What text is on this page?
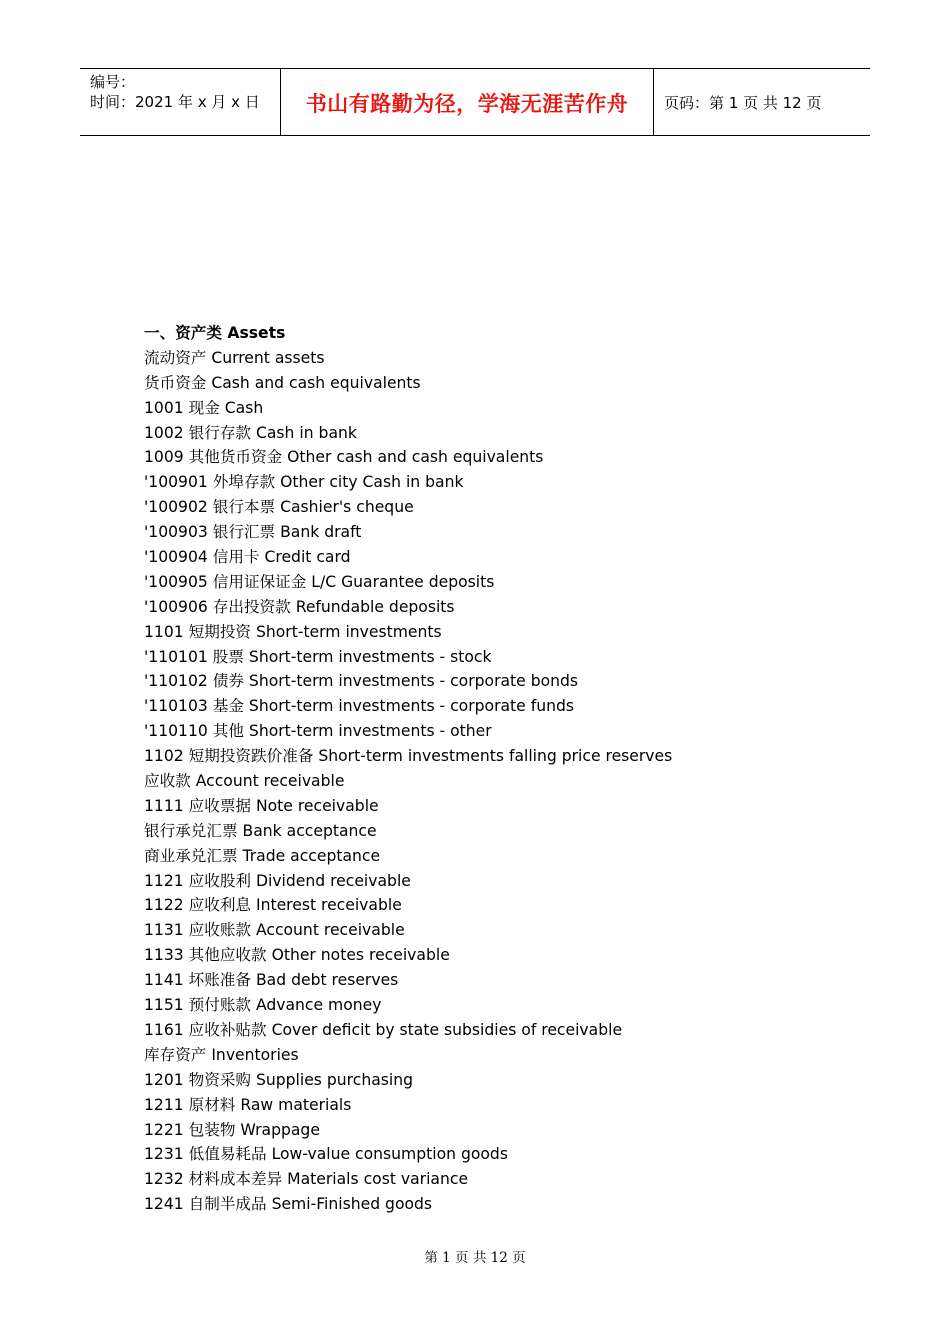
编号：
时间：2021 年 x 月 x 日	书山有路勤为径，学海无涯苦作舟 页码：第 1 页 共 12 页
一、资产类 Assets
流动资产 Current assets
货币资金 Cash and cash equivalents
1001 现金 Cash
1002 银行存款 Cash in bank
1009 其他货币资金 Other cash and cash equivalents
'100901 外埠存款 Other city Cash in bank
'100902 银行本票 Cashier's cheque
'100903 银行汇票 Bank draft
'100904 信用卡 Credit card
'100905 信用证保证金 L/C Guarantee deposits
'100906 存出投资款 Refundable deposits
1101 短期投资 Short-term investments
'110101 股票 Short-term investments - stock
'110102 债券 Short-term investments - corporate bonds
'110103 基金 Short-term investments - corporate funds
'110110 其他 Short-term investments - other
1102 短期投资跌价准备 Short-term investments falling price reserves
应收款 Account receivable
1111 应收票据 Note receivable
银行承兑汇票 Bank acceptance
商业承兑汇票 Trade acceptance
1121 应收股利 Dividend receivable
1122 应收利息 Interest receivable
1131 应收账款 Account receivable
1133 其他应收款 Other notes receivable
1141 坏账准备 Bad debt reserves
1151 预付账款 Advance money
1161 应收补贴款 Cover deficit by state subsidies of receivable
库存资产 Inventories
1201 物资采购 Supplies purchasing
1211 原材料 Raw materials
1221 包装物 Wrappage
1231 低值易耗品 Low-value consumption goods
1232 材料成本差异 Materials cost variance
1241 自制半成品 Semi-Finished goods
第 1 页 共 12 页
